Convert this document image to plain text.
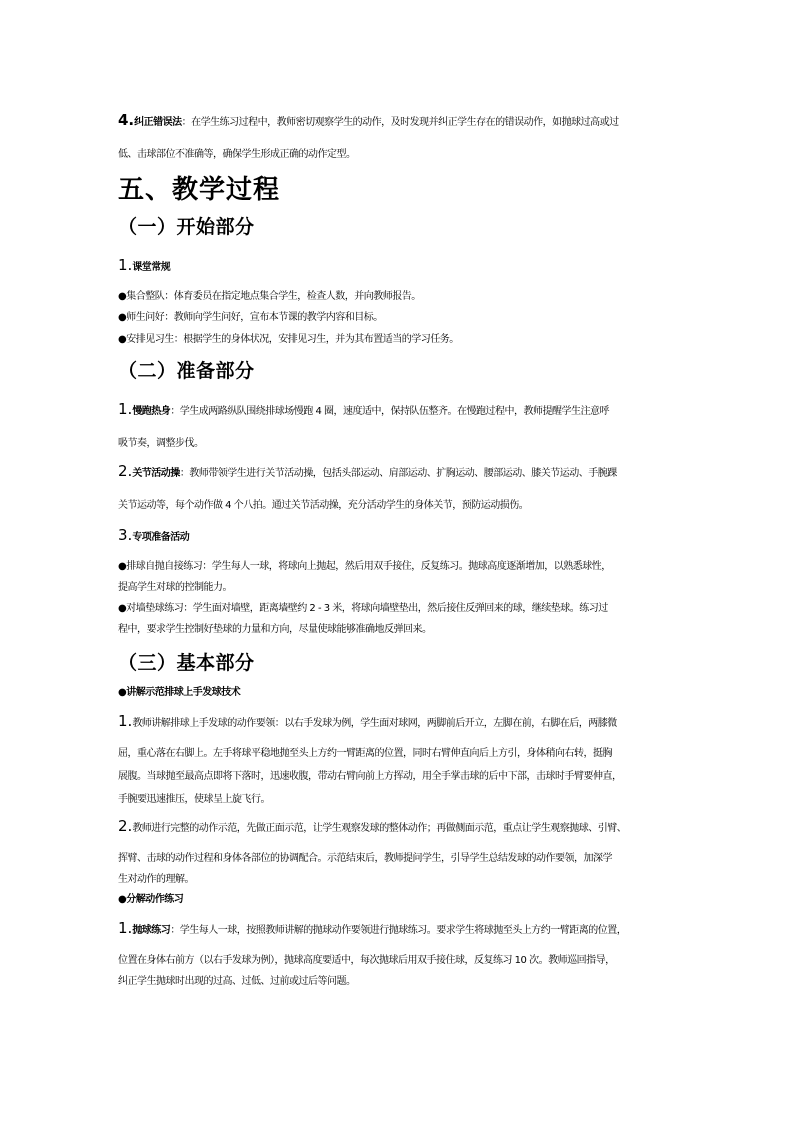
4.纠正错误法：在学生练习过程中，教师密切观察学生的动作，及时发现并纠正学生存在的错误动作，如抛球过高或过
低、击球部位不准确等，确保学生形成正确的动作定型。
五、教学过程
（一）开始部分
1.课堂常规
●集合整队：体育委员在指定地点集合学生，检查人数，并向教师报告。
●师生问好：教师向学生问好，宣布本节课的教学内容和目标。
●安排见习生：根据学生的身体状况，安排见习生，并为其布置适当的学习任务。
（二）准备部分
1.慢跑热身：学生成两路纵队围绕排球场慢跑 4 圈，速度适中，保持队伍整齐。在慢跑过程中，教师提醒学生注意呼
吸节奏，调整步伐。
2.关节活动操：教师带领学生进行关节活动操，包括头部运动、肩部运动、扩胸运动、腰部运动、膝关节运动、手腕踝
关节运动等，每个动作做 4 个八拍。通过关节活动操，充分活动学生的身体关节，预防运动损伤。
3.专项准备活动
●排球自抛自接练习：学生每人一球，将球向上抛起，然后用双手接住，反复练习。抛球高度逐渐增加，以熟悉球性，
提高学生对球的控制能力。
●对墙垫球练习：学生面对墙壁，距离墙壁约 2 - 3 米，将球向墙壁垫出，然后接住反弹回来的球，继续垫球。练习过
程中，要求学生控制好垫球的力量和方向，尽量使球能够准确地反弹回来。
（三）基本部分
●讲解示范排球上手发球技术
1.教师讲解排球上手发球的动作要领：以右手发球为例，学生面对球网，两脚前后开立，左脚在前，右脚在后，两膝微
屈，重心落在右脚上。左手将球平稳地抛至头上方约一臂距离的位置，同时右臂伸直向后上方引，身体稍向右转，挺胸
展腹。当球抛至最高点即将下落时，迅速收腹，带动右臂向前上方挥动，用全手掌击球的后中下部，击球时手臂要伸直，
手腕要迅速推压，使球呈上旋飞行。
2.教师进行完整的动作示范，先做正面示范，让学生观察发球的整体动作；再做侧面示范，重点让学生观察抛球、引臂、
挥臂、击球的动作过程和身体各部位的协调配合。示范结束后，教师提问学生，引导学生总结发球的动作要领，加深学
生对动作的理解。
●分解动作练习
1.抛球练习：学生每人一球，按照教师讲解的抛球动作要领进行抛球练习。要求学生将球抛至头上方约一臂距离的位置，
位置在身体右前方（以右手发球为例），抛球高度要适中，每次抛球后用双手接住球，反复练习 10 次。教师巡回指导，
纠正学生抛球时出现的过高、过低、过前或过后等问题。
